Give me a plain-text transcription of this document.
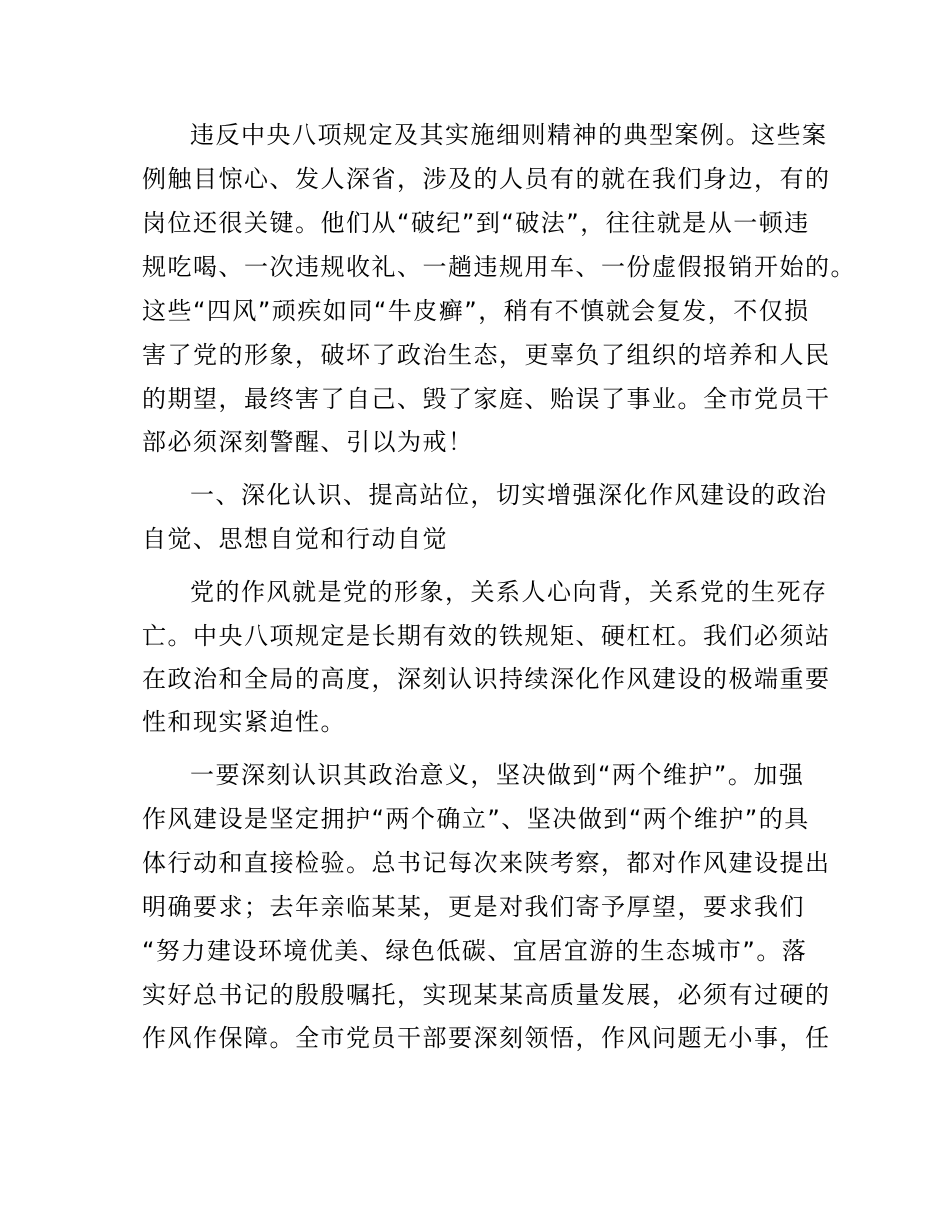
违反中央八项规定及其实施细则精神的典型案例。这些案
例触目惊心、发人深省，涉及的人员有的就在我们身边，有的
岗位还很关键。他们从“破纪”到“破法”，往往就是从一顿违
规吃喝、一次违规收礼、一趟违规用车、一份虚假报销开始的。
这些“四风”顽疾如同“牛皮癣”，稍有不慎就会复发，不仅损
害了党的形象，破坏了政治生态，更辜负了组织的培养和人民
的期望，最终害了自己、毁了家庭、贻误了事业。全市党员干
部必须深刻警醒、引以为戒！
一、深化认识、提高站位，切实增强深化作风建设的政治
自觉、思想自觉和行动自觉
党的作风就是党的形象，关系人心向背，关系党的生死存
亡。中央八项规定是长期有效的铁规矩、硬杠杠。我们必须站
在政治和全局的高度，深刻认识持续深化作风建设的极端重要
性和现实紧迫性。
一要深刻认识其政治意义，坚决做到“两个维护”。加强
作风建设是坚定拥护“两个确立”、坚决做到“两个维护”的具
体行动和直接检验。总书记每次来陕考察，都对作风建设提出
明确要求；去年亲临某某，更是对我们寄予厚望，要求我们
“努力建设环境优美、绿色低碳、宜居宜游的生态城市”。落
实好总书记的殷殷嘱托，实现某某高质量发展，必须有过硬的
作风作保障。全市党员干部要深刻领悟，作风问题无小事，任
